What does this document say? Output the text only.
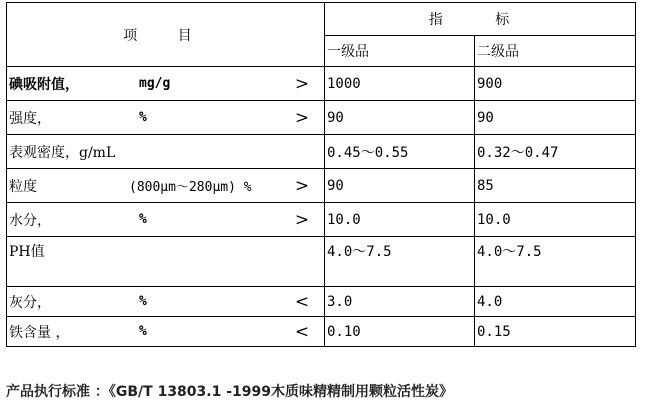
项 目	指 标	
	一级品	二级品

碘吸附值， mg/g >	1000	900

强度， % >	90	90

表观密度，g/mL	0.45～0.55	0.32～0.47

粒度 (800μm～280μm) % >	90	85

水分， % >	10.0	10.0
PH值	4.0～7.5	4.0～7.5

灰分， % <	3.0	4.0

铁含量 ， % <	0.10	0.15
产品执行标准 ：《GB/T 13803.1 -1999木质味精精制用颗粒活性炭》
